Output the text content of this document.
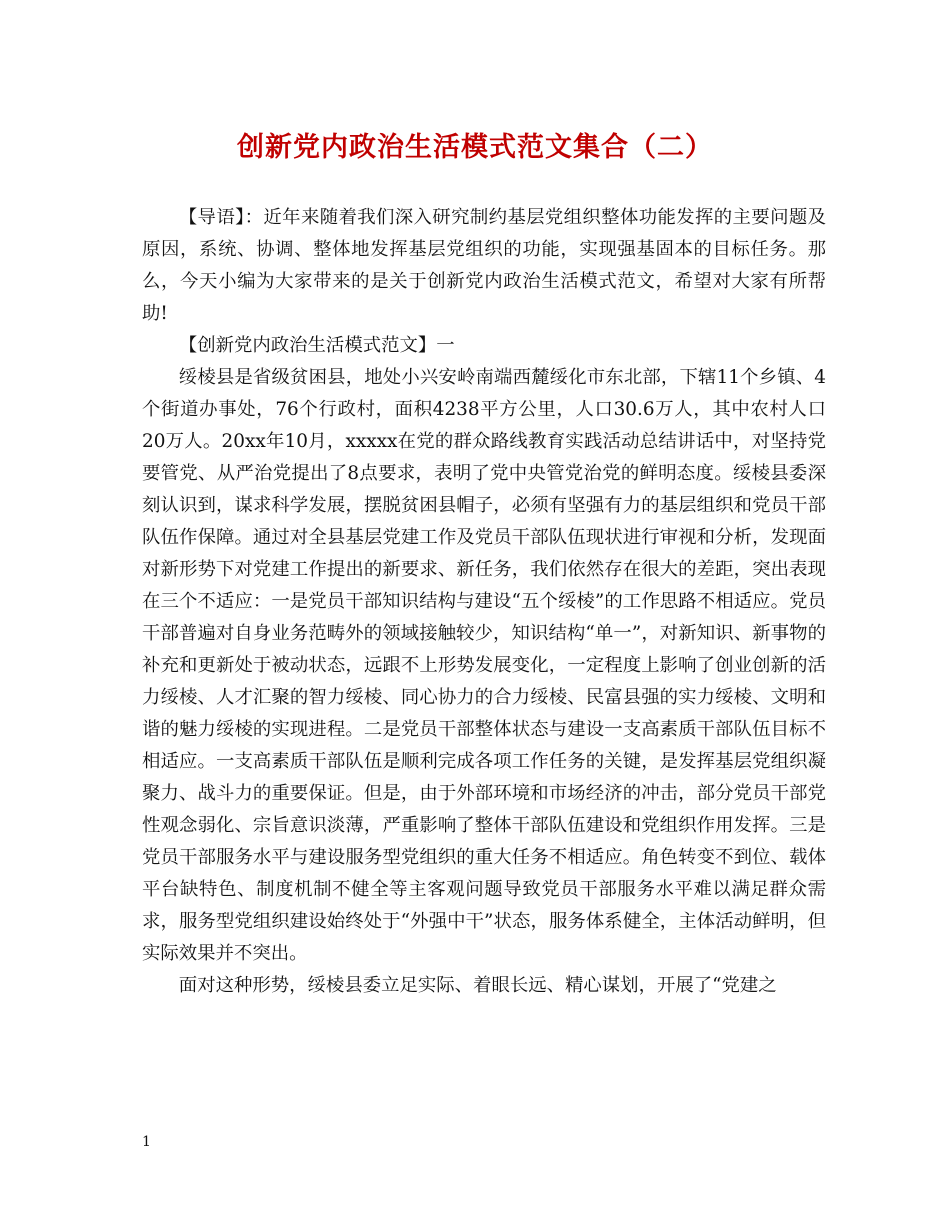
创新党内政治生活模式范文集合（二）

【导语】：近年来随着我们深入研究制约基层党组织整体功能发挥的主要问题及原因，系统、协调、整体地发挥基层党组织的功能，实现强基固本的目标任务。那么，今天小编为大家带来的是关于创新党内政治生活模式范文，希望对大家有所帮助!

【创新党内政治生活模式范文】一

绥棱县是省级贫困县，地处小兴安岭南端西麓绥化市东北部，下辖11个乡镇、4个街道办事处，76个行政村，面积4238平方公里，人口30.6万人，其中农村人口20万人。20xx年10月，xxxxx在党的群众路线教育实践活动总结讲话中，对坚持党要管党、从严治党提出了8点要求，表明了党中央管党治党的鲜明态度。绥棱县委深刻认识到，谋求科学发展，摆脱贫困县帽子，必须有坚强有力的基层组织和党员干部队伍作保障。通过对全县基层党建工作及党员干部队伍现状进行审视和分析，发现面对新形势下对党建工作提出的新要求、新任务，我们依然存在很大的差距，突出表现在三个不适应：一是党员干部知识结构与建设“五个绥棱”的工作思路不相适应。党员干部普遍对自身业务范畴外的领域接触较少，知识结构“单一”，对新知识、新事物的补充和更新处于被动状态，远跟不上形势发展变化，一定程度上影响了创业创新的活力绥棱、人才汇聚的智力绥棱、同心协力的合力绥棱、民富县强的实力绥棱、文明和谐的魅力绥棱的实现进程。二是党员干部整体状态与建设一支高素质干部队伍目标不相适应。一支高素质干部队伍是顺利完成各项工作任务的关键，是发挥基层党组织凝聚力、战斗力的重要保证。但是，由于外部环境和市场经济的冲击，部分党员干部党性观念弱化、宗旨意识淡薄，严重影响了整体干部队伍建设和党组织作用发挥。三是党员干部服务水平与建设服务型党组织的重大任务不相适应。角色转变不到位、载体平台缺特色、制度机制不健全等主客观问题导致党员干部服务水平难以满足群众需求，服务型党组织建设始终处于“外强中干”状态，服务体系健全，主体活动鲜明，但实际效果并不突出。

面对这种形势，绥棱县委立足实际、着眼长远、精心谋划，开展了“党建之

1
